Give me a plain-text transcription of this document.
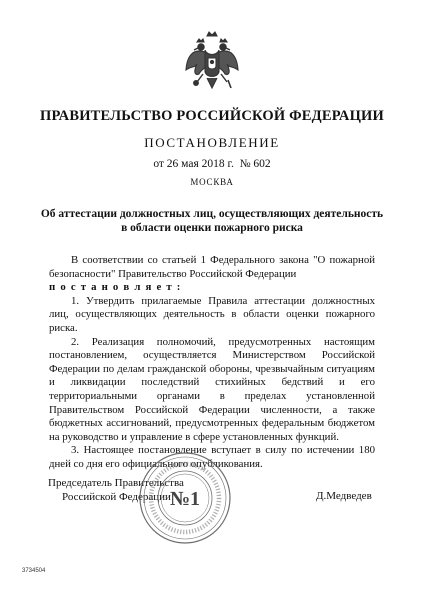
ПРАВИТЕЛЬСТВО РОССИЙСКОЙ ФЕДЕРАЦИИ
ПОСТАНОВЛЕНИЕ
от 26 мая 2018 г.  № 602
МОСКВА
Об аттестации должностных лиц, осуществляющих деятельность
в области оценки пожарного риска

В соответствии со статьей 1 Федерального закона "О пожарной безопасности" Правительство Российской Федерации

п о с т а н о в л я е т :

1. Утвердить прилагаемые Правила аттестации должностных лиц, осуществляющих деятельность в области оценки пожарного риска.

2. Реализация полномочий, предусмотренных настоящим постановлением, осуществляется Министерством Российской Федерации по делам гражданской обороны, чрезвычайным ситуациям и ликвидации последствий стихийных бедствий и его территориальными органами в пределах установленной Правительством Российской Федерации численности, а также бюджетных ассигнований, предусмотренных федеральным бюджетом на руководство и управление в сфере установленных функций.

3. Настоящее постановление вступает в силу по истечении 180 дней со дня его официального опубликования.

Председатель Правительства
Российской Федерации	Д.Медведев
№1
3734504
